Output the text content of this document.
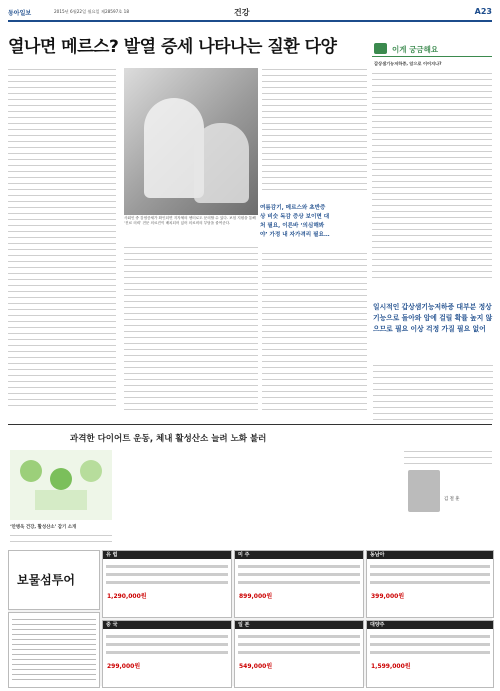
동아일보	2015년 6월22일 월요일 제28597호 18	건강	A23
열나면 메르스? 발열 증세 나타나는 질환 다양
사회인 중 감염증세가 확인되면 지자체의 센터로도 문의할 수 있다. 보험 지원을 통해 ‘진료 의뢰’ 전문 의료진이 배치되어 있어 의료비의 부담을 줄여준다.
여름감기, 메르스와 초반증상 비슷 독감 증상 보이면 대처 필요, 이른바 ‘의심해봐야’ 가정 내 자가격리 필요…
이게 궁금해요
갑상샘기능저하증, 암으로 이어지나?
일시적인 갑상샘기능저하증 대부분 정상기능으로 돌아와 암에 걸릴 확률 높지 않으므로 필요 이상 걱정 가질 필요 없어
과격한 다이어트 운동, 체내 활성산소 늘려 노화 불러
‘안병욱 건강, 활성산소’ 감기 소개
김 철 훈
보물섬투어
유 럽
1,290,000원
미 주
899,000원
동남아
399,000원
중 국
299,000원
일 본
549,000원
대양주
1,599,000원
